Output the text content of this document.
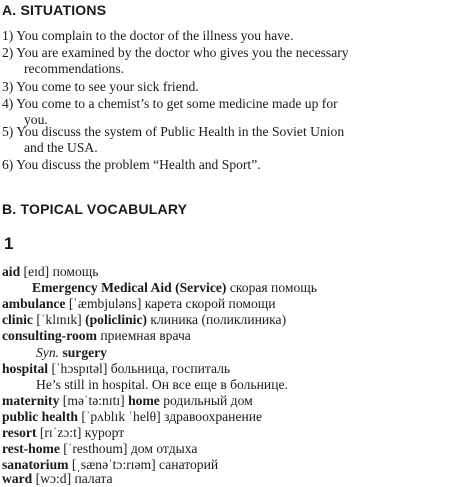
A. SITUATIONS
1) You complain to the doctor of the illness you have.
2) You are examined by the doctor who gives you the necessary
recommendations.
3) You come to see your sick friend.
4) You come to a chemist’s to get some medicine made up for
you.
5) You discuss the system of Public Health in the Soviet Union
and the USA.
6) You discuss the problem “Health and Sport”.
B. TOPICAL VOCABULARY
1
aid [eɪd] помощь
Emergency Medical Aid (Service) скорая помощь
ambulance [ˈæmbjuləns] карета скорой помощи
clinic [ˈklɪnɪk] (policlinic) клиника (поликлиника)
consulting-room приемная врача
Syn. surgery
hospital [ˈhɔspɪtəl] больница, госпиталь
He’s still in hospital. Он все еще в больнице.
maternity [məˈtə:nɪtɪ] home родильный дом
public health [ˈpʌblɪk ˈhelθ] здравоохранение
resort [rɪˈzɔ:t] курорт
rest-home [ˈresthoum] дом отдыха
sanatorium [ˌsænəˈtɔ:rɪəm] санаторий
ward [wɔ:d] палата
